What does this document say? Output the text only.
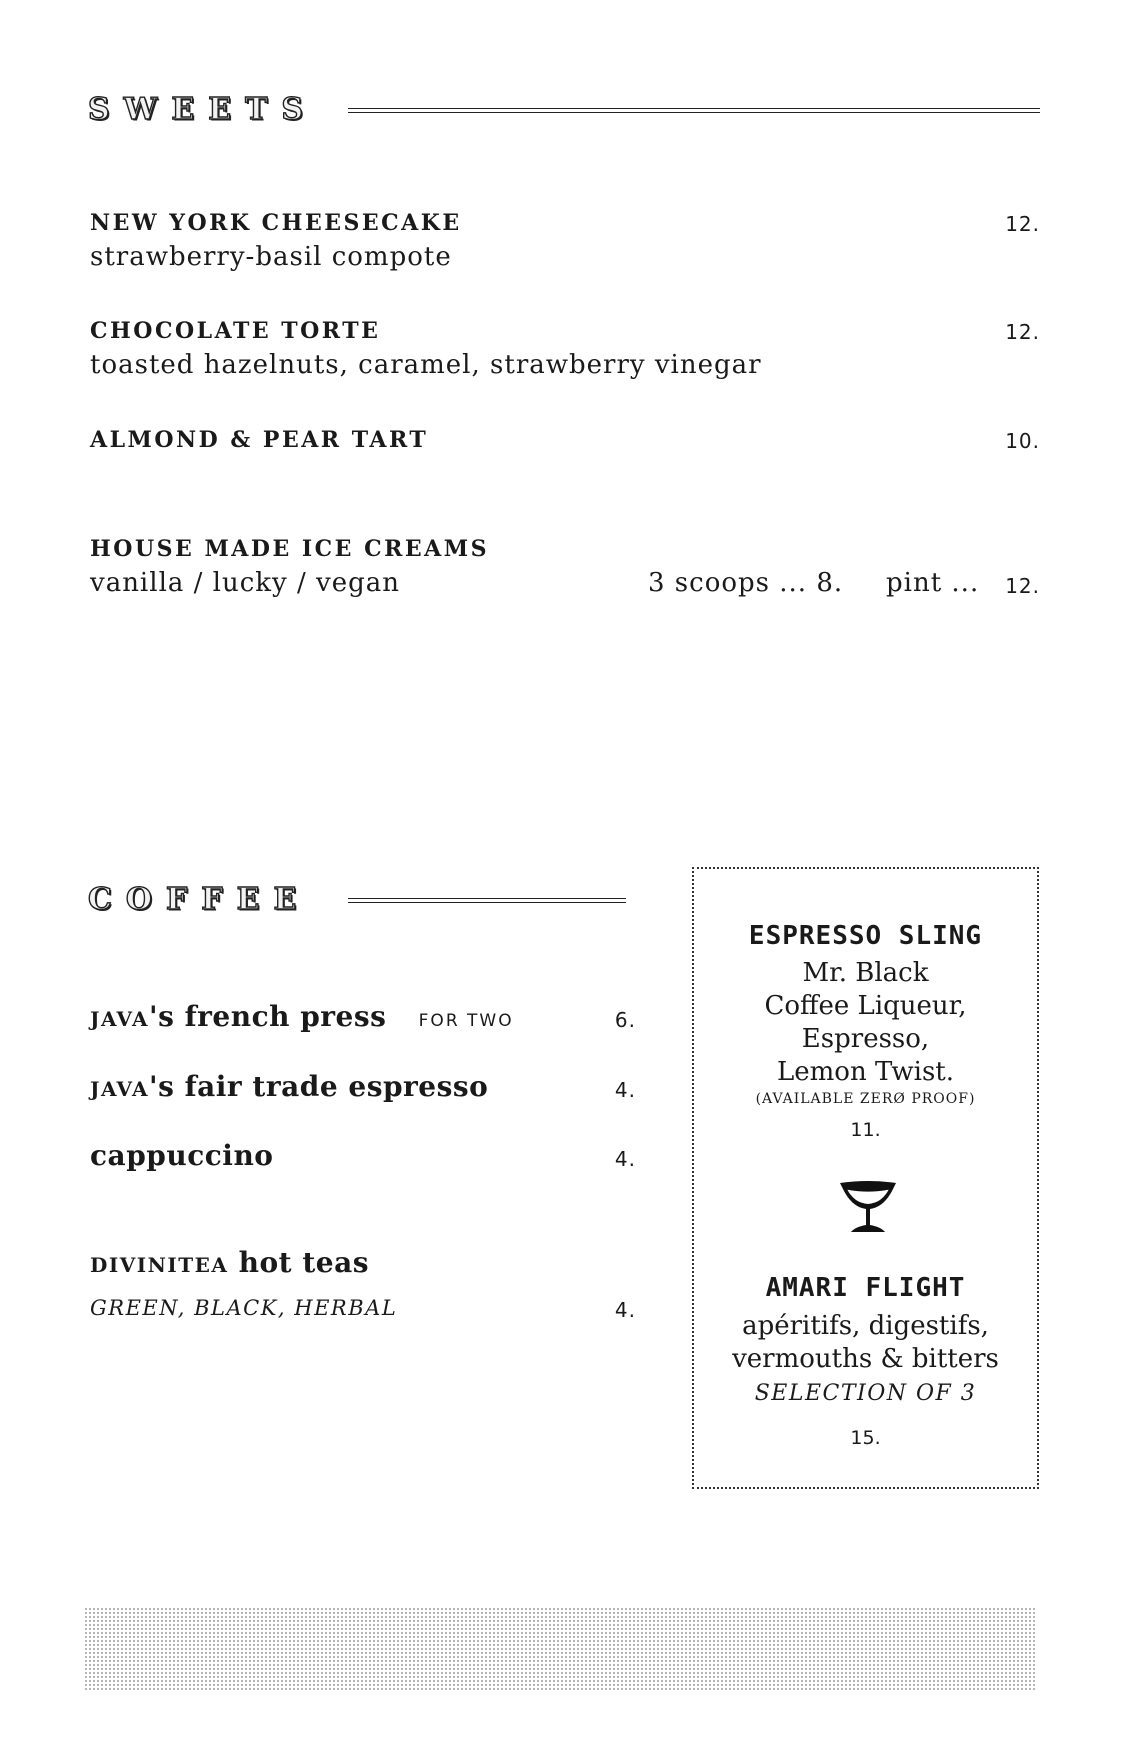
SWEETS
NEW YORK CHEESECAKE
strawberry-basil compote
12.
CHOCOLATE TORTE
toasted hazelnuts, caramel, strawberry vinegar
12.
ALMOND & PEAR TART	10.
HOUSE MADE ICE CREAMS
vanilla / lucky / vegan	3 scoops ... 8. pint ...	12.
COFFEE
JAVA's french press FOR TWO	6.
JAVA's fair trade espresso	4.
cappuccino	4.
DIVINITEA hot teas
GREEN, BLACK, HERBAL	4.
ESPRESSO SLING
Mr. Black
Coffee Liqueur,
Espresso,
Lemon Twist.
(AVAILABLE ZERØ PROOF)
11.
AMARI FLIGHT
apéritifs, digestifs,
vermouths & bitters
SELECTION OF 3
15.
